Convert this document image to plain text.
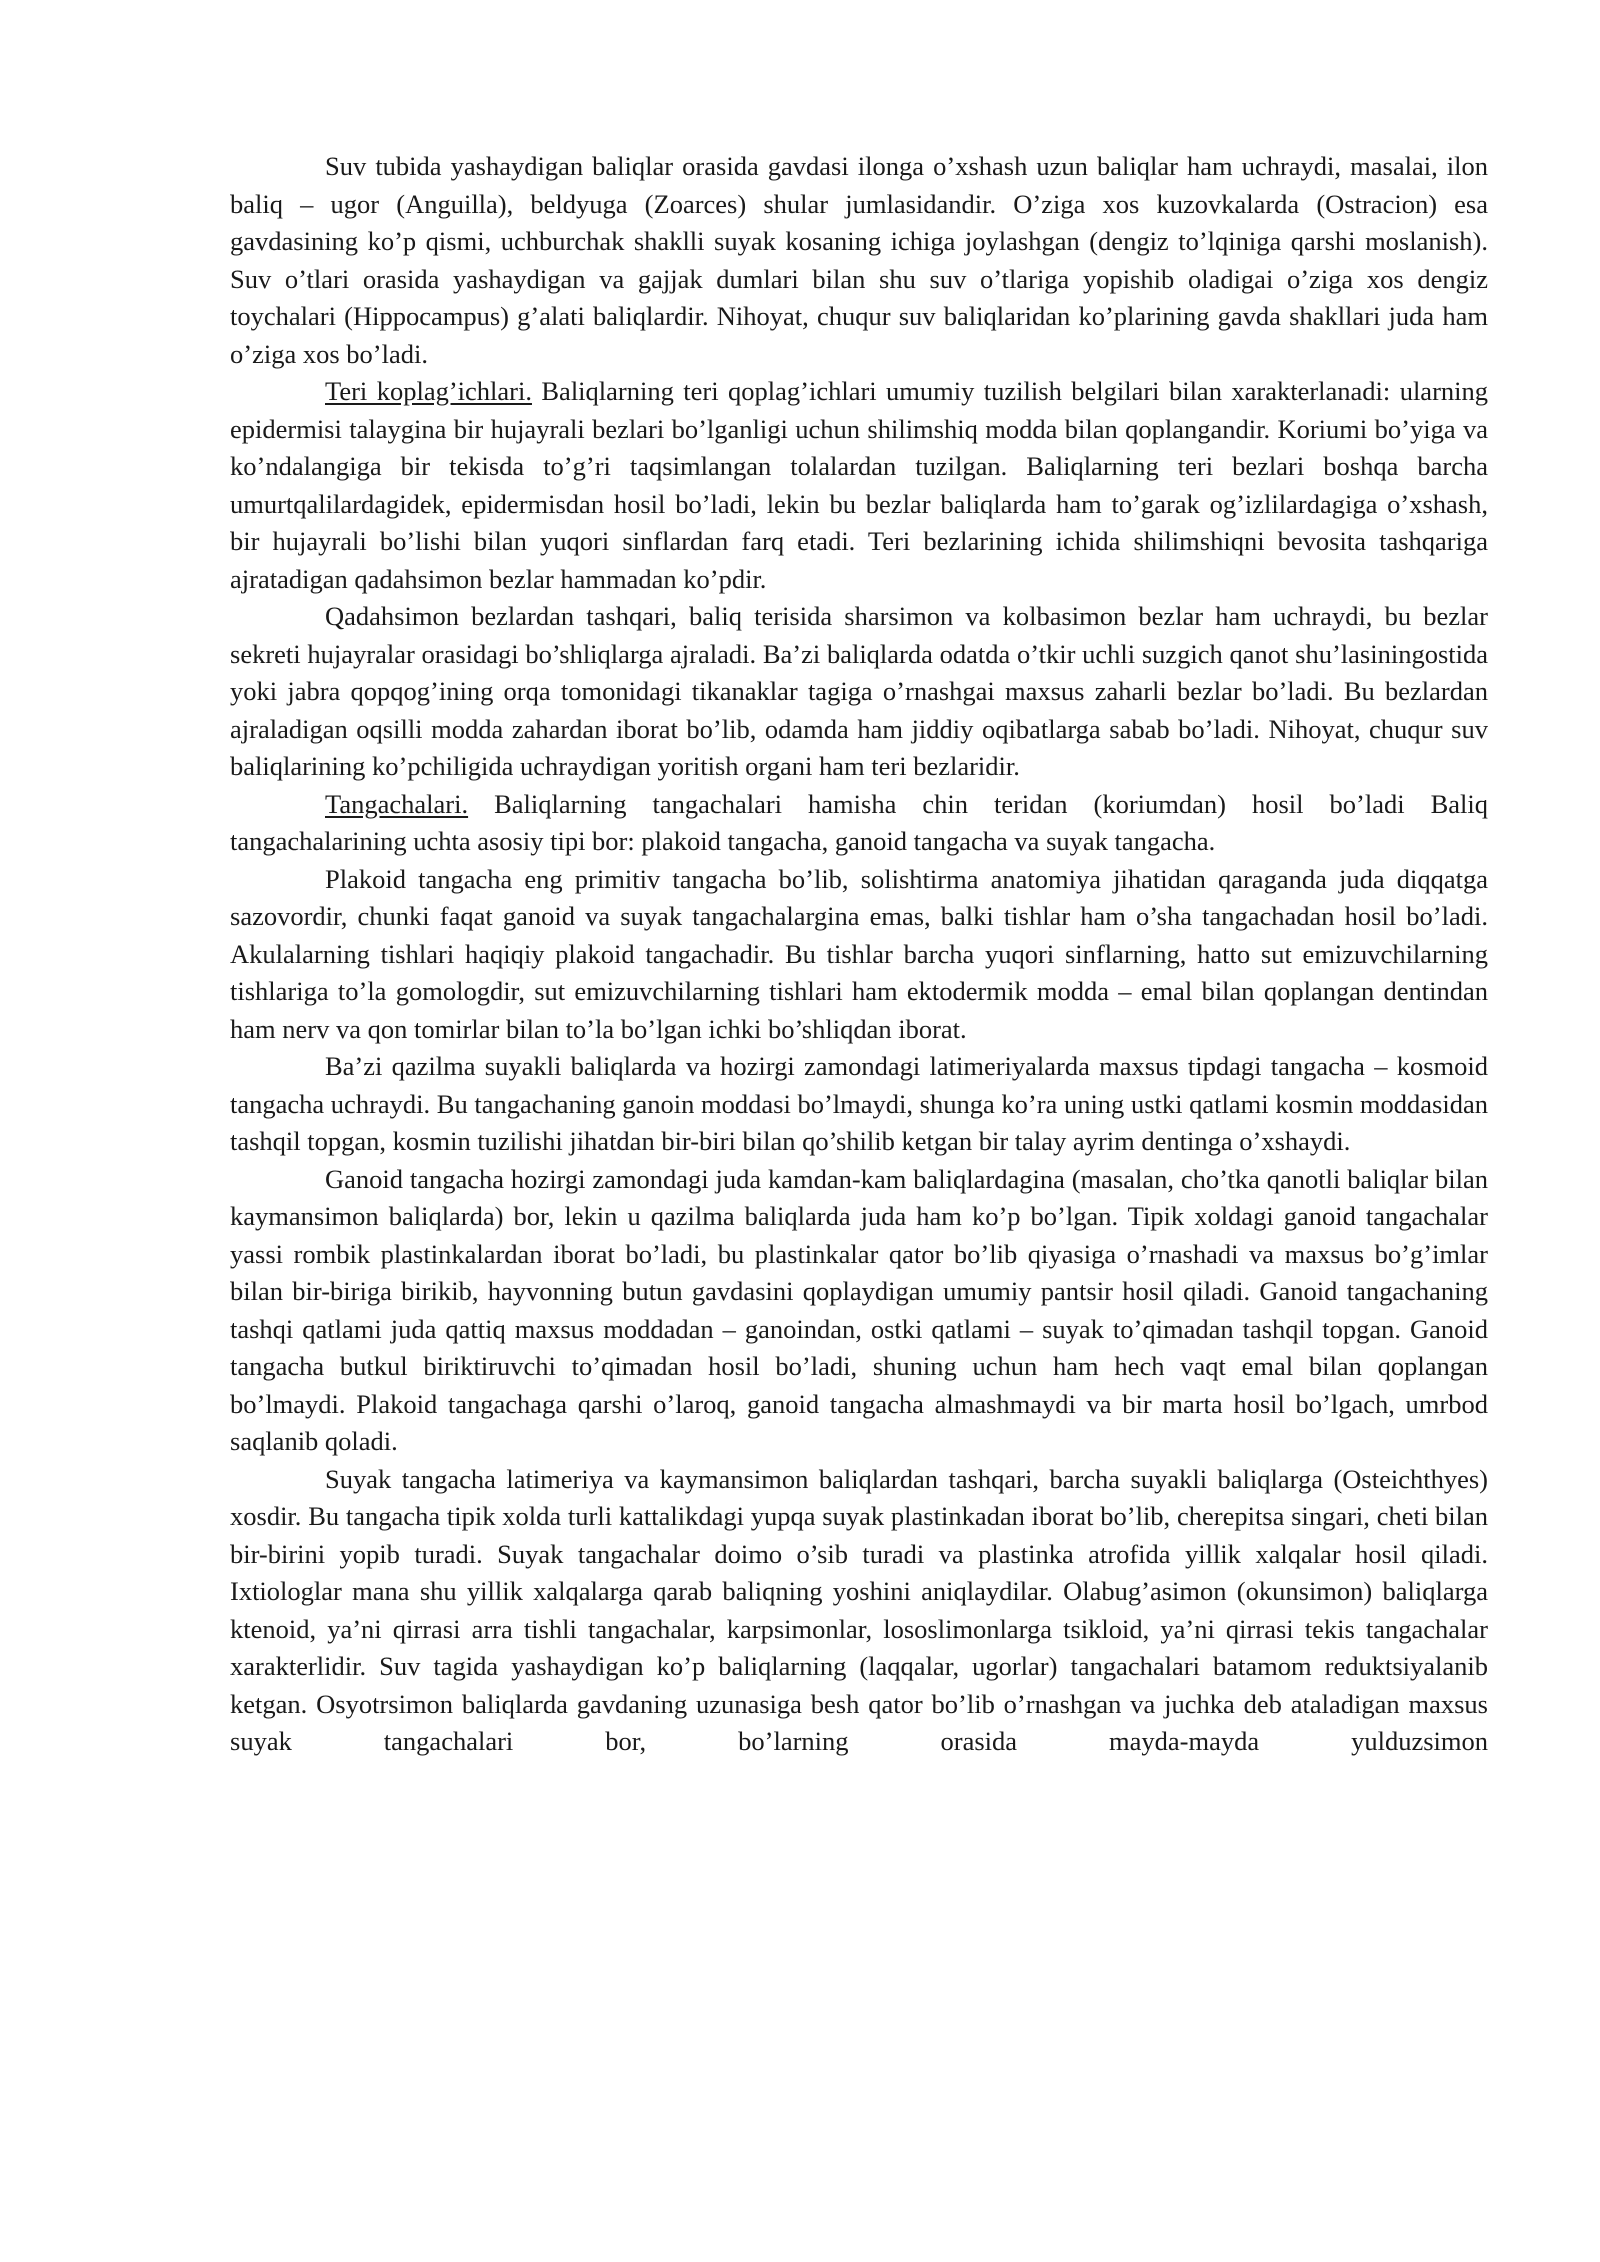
Suv tubida yashaydigan baliqlar orasida gavdasi ilonga o’xshash uzun baliqlar ham uchraydi, masalai, ilon baliq – ugor (Anguilla), beldyuga (Zoarces) shular jumlasidandir. O’ziga xos kuzovkalarda (Ostracion) esa gavdasining ko’p qismi, uchburchak shaklli suyak kosaning ichiga joylashgan (dengiz to’lqiniga qarshi moslanish). Suv o’tlari orasida yashaydigan va gajjak dumlari bilan shu suv o’tlariga yopishib oladigai o’ziga xos dengiz toychalari (Hippocampus) g’alati baliqlardir. Nihoyat, chuqur suv baliqlaridan ko’plarining gavda shakllari juda ham o’ziga xos bo’ladi.

Teri koplag’ichlari. Baliqlarning teri qoplag’ichlari umumiy tuzilish belgilari bilan xarakterlanadi: ularning epidermisi talaygina bir hujayrali bezlari bo’lganligi uchun shilimshiq modda bilan qoplangandir. Koriumi bo’yiga va ko’ndalangiga bir tekisda to’g’ri taqsimlangan tolalardan tuzilgan. Baliqlarning teri bezlari boshqa barcha umurtqalilardagidek, epidermisdan hosil bo’ladi, lekin bu bezlar baliqlarda ham to’garak og’izlilardagiga o’xshash, bir hujayrali bo’lishi bilan yuqori sinflardan farq etadi. Teri bezlarining ichida shilimshiqni bevosita tashqariga ajratadigan qadahsimon bezlar hammadan ko’pdir.

Qadahsimon bezlardan tashqari, baliq terisida sharsimon va kolbasimon bezlar ham uchraydi, bu bezlar sekreti hujayralar orasidagi bo’shliqlarga ajraladi. Ba’zi baliqlarda odatda o’tkir uchli suzgich qanot shu’lasiningostida yoki jabra qopqog’ining orqa tomonidagi tikanaklar tagiga o’rnashgai maxsus zaharli bezlar bo’ladi. Bu bezlardan ajraladigan oqsilli modda zahardan iborat bo’lib, odamda ham jiddiy oqibatlarga sabab bo’ladi. Nihoyat, chuqur suv baliqlarining ko’pchiligida uchraydigan yoritish organi ham teri bezlaridir.

Tangachalari. Baliqlarning tangachalari hamisha chin teridan (koriumdan) hosil bo’ladi Baliq tangachalarining uchta asosiy tipi bor: plakoid tangacha, ganoid tangacha va suyak tangacha.

Plakoid tangacha eng primitiv tangacha bo’lib, solishtirma anatomiya jihatidan qaraganda juda diqqatga sazovordir, chunki faqat ganoid va suyak tangachalargina emas, balki tishlar ham o’sha tangachadan hosil bo’ladi. Akulalarning tishlari haqiqiy plakoid tangachadir. Bu tishlar barcha yuqori sinflarning, hatto sut emizuvchilarning tishlariga to’la gomologdir, sut emizuvchilarning tishlari ham ektodermik modda – emal bilan qoplangan dentindan ham nerv va qon tomirlar bilan to’la bo’lgan ichki bo’shliqdan iborat.

Ba’zi qazilma suyakli baliqlarda va hozirgi zamondagi latimeriyalarda maxsus tipdagi tangacha – kosmoid tangacha uchraydi. Bu tangachaning ganoin moddasi bo’lmaydi, shunga ko’ra uning ustki qatlami kosmin moddasidan tashqil topgan, kosmin tuzilishi jihatdan bir-biri bilan qo’shilib ketgan bir talay ayrim dentinga o’xshaydi.

Ganoid tangacha hozirgi zamondagi juda kamdan-kam baliqlardagina (masalan, cho’tka qanotli baliqlar bilan kaymansimon baliqlarda) bor, lekin u qazilma baliqlarda juda ham ko’p bo’lgan. Tipik xoldagi ganoid tangachalar yassi rombik plastinkalardan iborat bo’ladi, bu plastinkalar qator bo’lib qiyasiga o’rnashadi va maxsus bo’g’imlar bilan bir-biriga birikib, hayvonning butun gavdasini qoplaydigan umumiy pantsir hosil qiladi. Ganoid tangachaning tashqi qatlami juda qattiq maxsus moddadan – ganoindan, ostki qatlami – suyak to’qimadan tashqil topgan. Ganoid tangacha butkul biriktiruvchi to’qimadan hosil bo’ladi, shuning uchun ham hech vaqt emal bilan qoplangan bo’lmaydi. Plakoid tangachaga qarshi o’laroq, ganoid tangacha almashmaydi va bir marta hosil bo’lgach, umrbod saqlanib qoladi.

Suyak tangacha latimeriya va kaymansimon baliqlardan tashqari, barcha suyakli baliqlarga (Osteichthyes) xosdir. Bu tangacha tipik xolda turli kattalikdagi yupqa suyak plastinkadan iborat bo’lib, cherepitsa singari, cheti bilan bir-birini yopib turadi. Suyak tangachalar doimo o’sib turadi va plastinka atrofida yillik xalqalar hosil qiladi. Ixtiologlar mana shu yillik xalqalarga qarab baliqning yoshini aniqlaydilar. Olabug’asimon (okunsimon) baliqlarga ktenoid, ya’ni qirrasi arra tishli tangachalar, karpsimonlar, lososlimonlarga tsikloid, ya’ni qirrasi tekis tangachalar xarakterlidir. Suv tagida yashaydigan ko’p baliqlarning (laqqalar, ugorlar) tangachalari batamom reduktsiyalanib ketgan. Osyotrsimon baliqlarda gavdaning uzunasiga besh qator bo’lib o’rnashgan va juchka deb ataladigan maxsus suyak tangachalari bor, bo’larning orasida mayda-mayda yulduzsimon
